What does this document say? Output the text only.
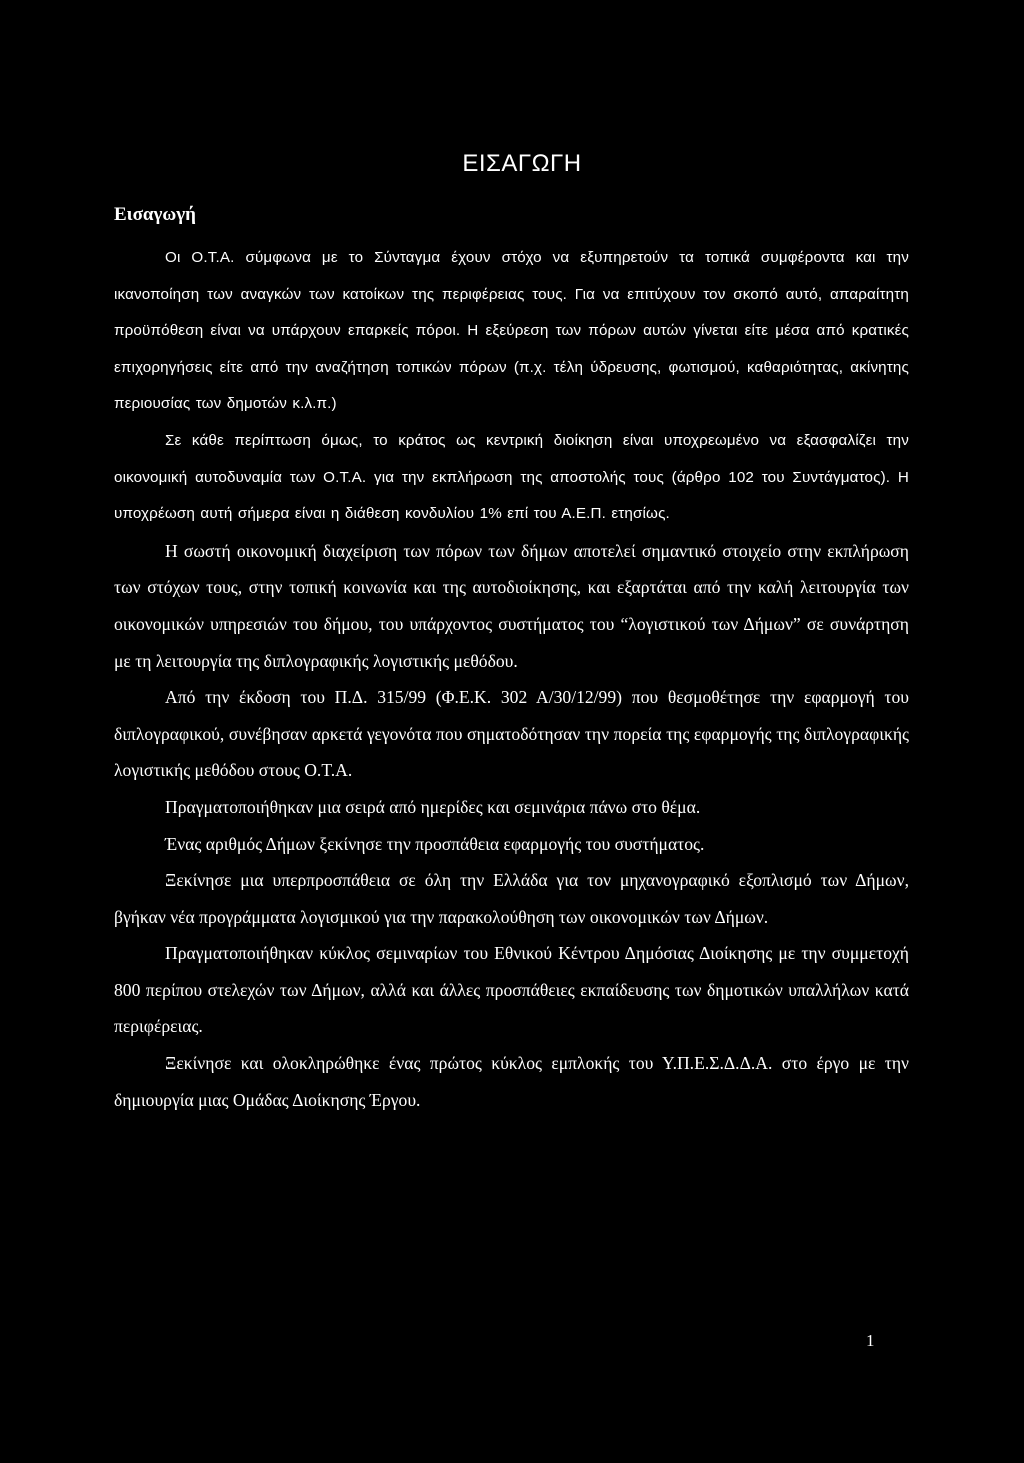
ΕΙΣΑΓΩΓΗ
Εισαγωγή

Οι Ο.Τ.Α. σύμφωνα με το Σύνταγμα έχουν στόχο να εξυπηρετούν τα τοπικά συμφέροντα και την ικανοποίηση των αναγκών των κατοίκων της περιφέρειας τους. Για να επιτύχουν τον σκοπό αυτό, απαραίτητη προϋπόθεση είναι να υπάρχουν επαρκείς πόροι. Η εξεύρεση των πόρων αυτών γίνεται είτε μέσα από κρατικές επιχορηγήσεις είτε από την αναζήτηση τοπικών πόρων (π.χ. τέλη ύδρευσης, φωτισμού, καθαριότητας, ακίνητης περιουσίας των δημοτών κ.λ.π.)

Σε κάθε περίπτωση όμως, το κράτος ως κεντρική διοίκηση είναι υποχρεωμένο να εξασφαλίζει την οικονομική αυτοδυναμία των Ο.Τ.Α. για την εκπλήρωση της αποστολής τους (άρθρο 102 του Συντάγματος). Η υποχρέωση αυτή σήμερα είναι η διάθεση κονδυλίου 1% επί του Α.Ε.Π. ετησίως.

Η σωστή οικονομική διαχείριση των πόρων των δήμων αποτελεί σημαντικό στοιχείο στην εκπλήρωση των στόχων τους, στην τοπική κοινωνία και της αυτοδιοίκησης, και εξαρτάται από την καλή λειτουργία των οικονομικών υπηρεσιών του δήμου, του υπάρχοντος συστήματος του “λογιστικού των Δήμων” σε συνάρτηση με τη λειτουργία της διπλογραφικής λογιστικής μεθόδου.

Από την έκδοση του Π.Δ. 315/99 (Φ.Ε.Κ. 302 Α/30/12/99) που θεσμοθέτησε την εφαρμογή του διπλογραφικού, συνέβησαν αρκετά γεγονότα που σηματοδότησαν την πορεία της εφαρμογής της διπλογραφικής λογιστικής μεθόδου στους Ο.Τ.Α.

Πραγματοποιήθηκαν μια σειρά από ημερίδες και σεμινάρια πάνω στο θέμα.

Ένας αριθμός Δήμων ξεκίνησε την προσπάθεια εφαρμογής του συστήματος.

Ξεκίνησε μια υπερπροσπάθεια σε όλη την Ελλάδα για τον μηχανογραφικό εξοπλισμό των Δήμων, βγήκαν νέα προγράμματα λογισμικού για την παρακολούθηση των οικονομικών των Δήμων.

Πραγματοποιήθηκαν κύκλος σεμιναρίων του Εθνικού Κέντρου Δημόσιας Διοίκησης με την συμμετοχή 800 περίπου στελεχών των Δήμων, αλλά και άλλες προσπάθειες εκπαίδευσης των δημοτικών υπαλλήλων κατά περιφέρειας.

Ξεκίνησε και ολοκληρώθηκε ένας πρώτος κύκλος εμπλοκής του Υ.Π.Ε.Σ.Δ.Δ.Α. στο έργο με την δημιουργία μιας Ομάδας Διοίκησης Έργου.

1
